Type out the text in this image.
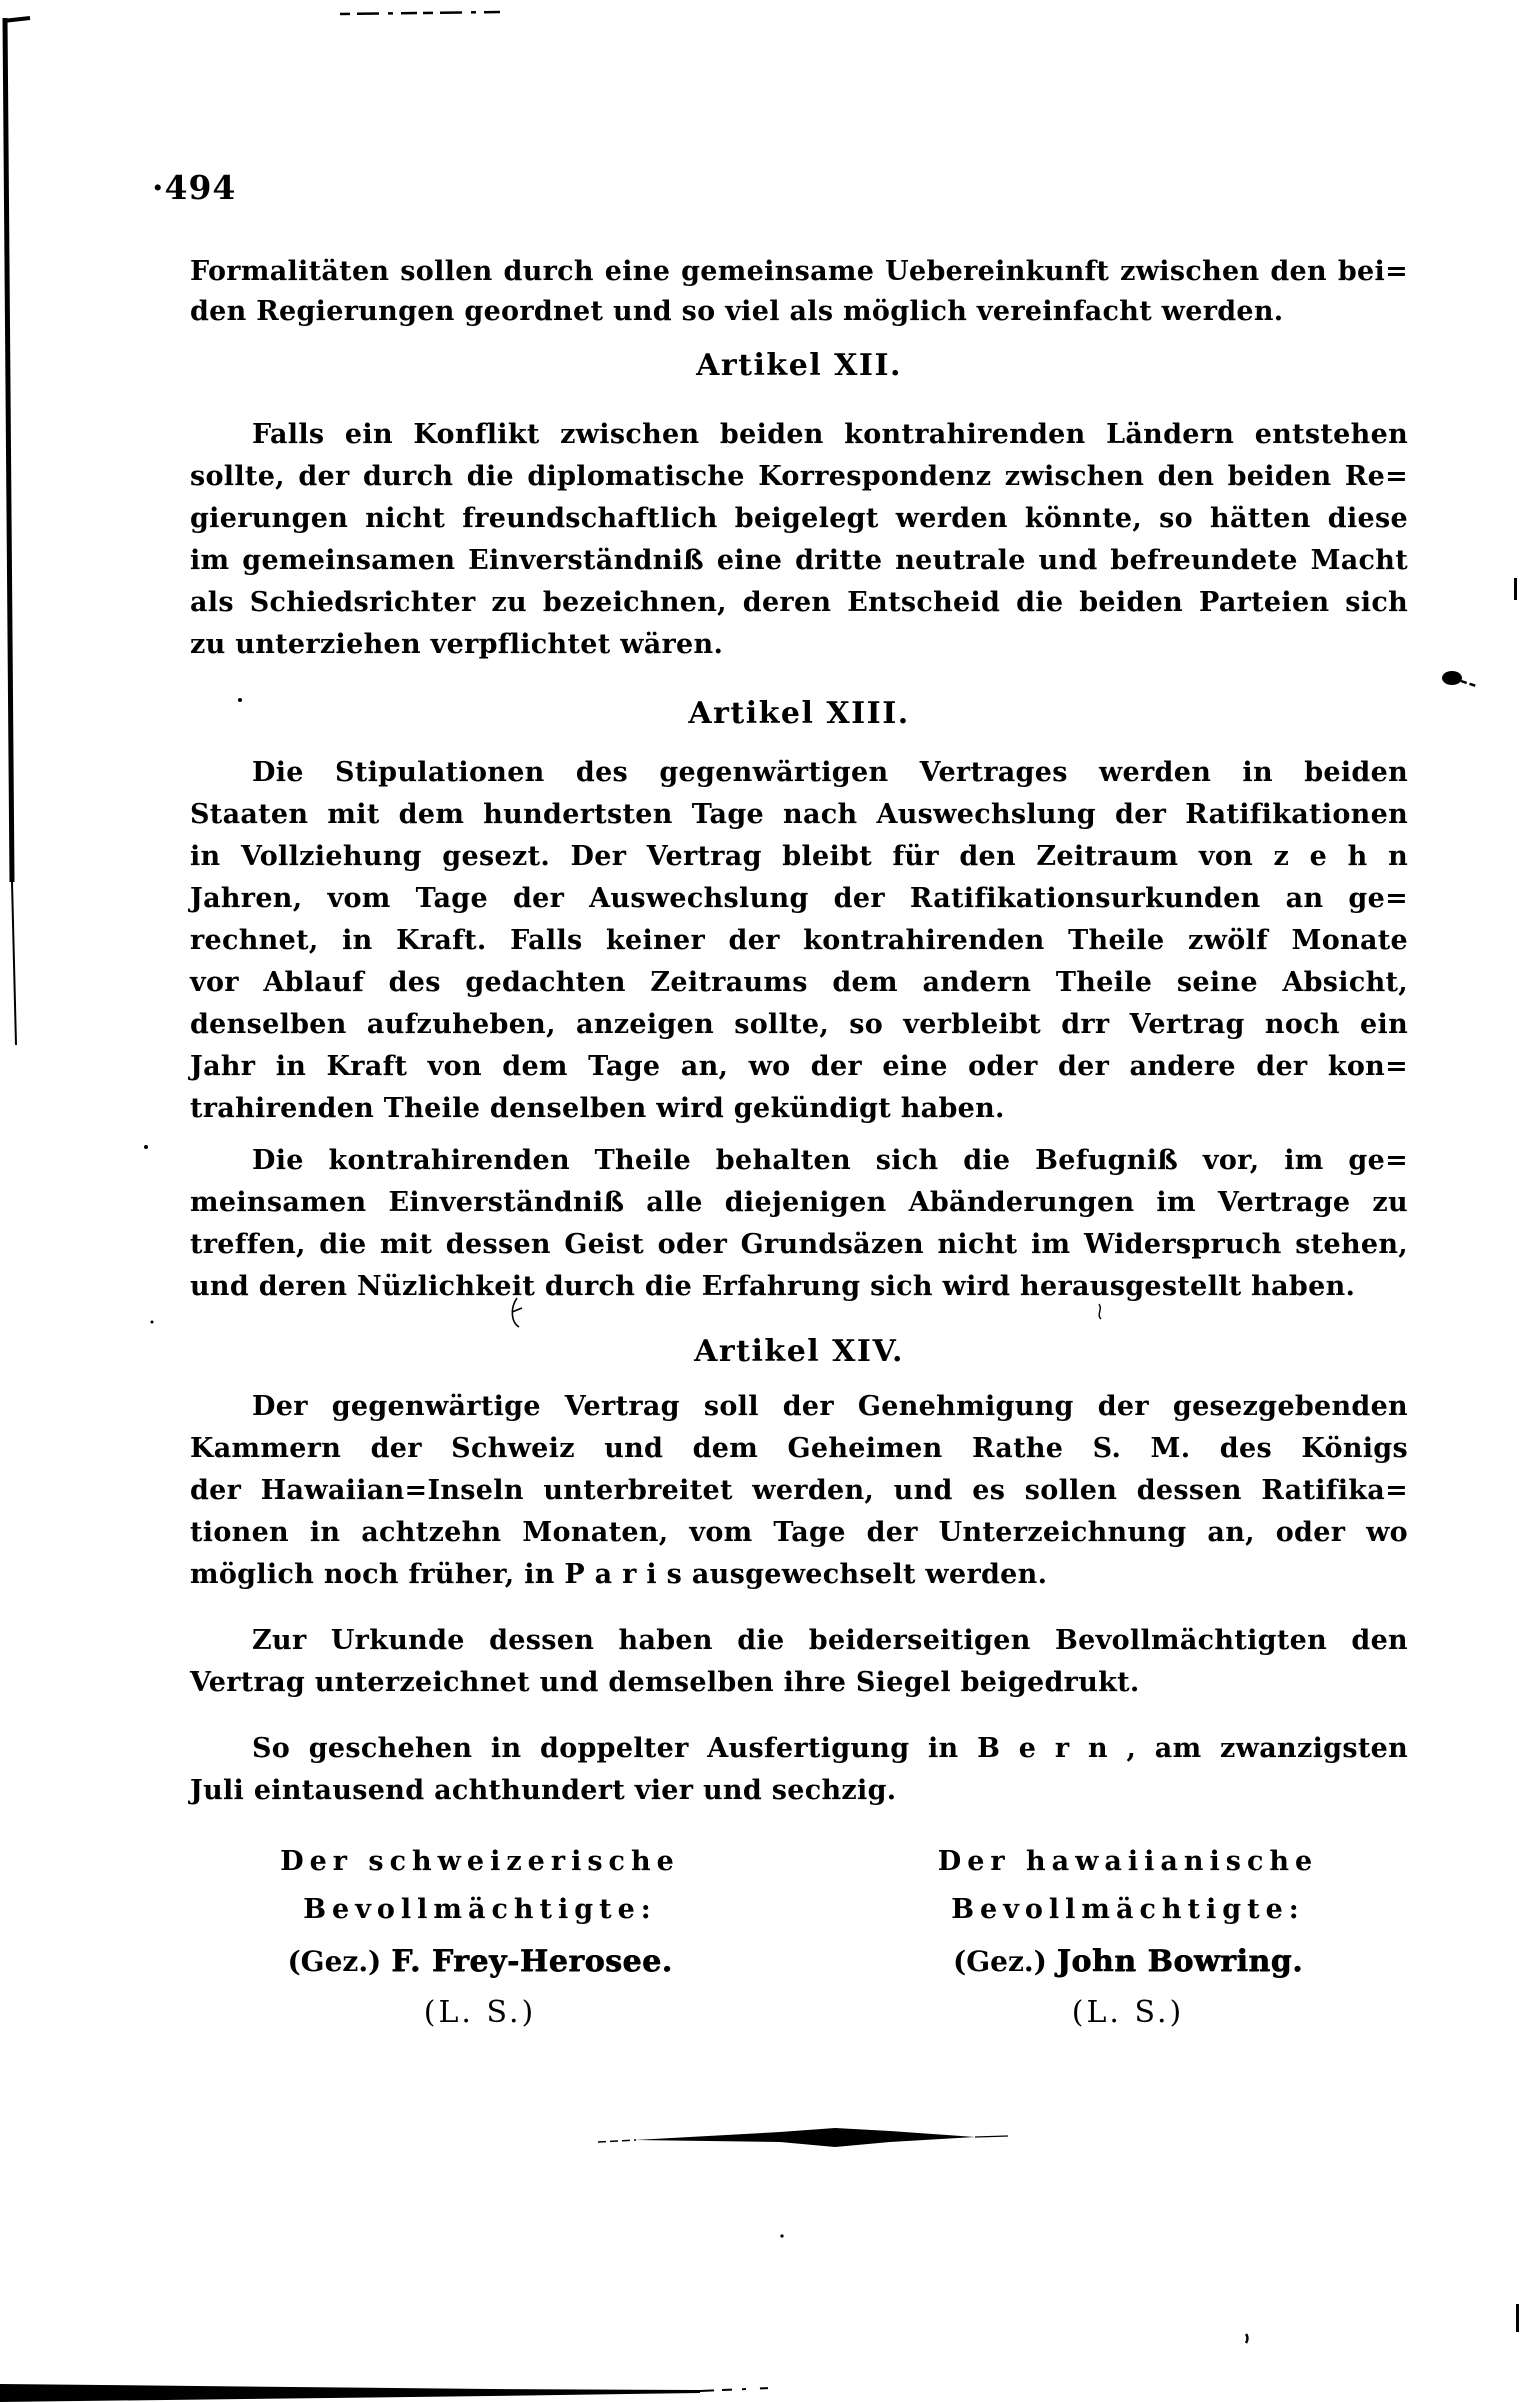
·494
Formalitäten sollen durch eine gemeinsame Uebereinkunft zwischen den bei=
den Regierungen geordnet und so viel als möglich vereinfacht werden.
Artikel XII.
Falls ein Konflikt zwischen beiden kontrahirenden Ländern entstehen
sollte, der durch die diplomatische Korrespondenz zwischen den beiden Re=
gierungen nicht freundschaftlich beigelegt werden könnte, so hätten diese
im gemeinsamen Einverständniß eine dritte neutrale und befreundete Macht
als Schiedsrichter zu bezeichnen, deren Entscheid die beiden Parteien sich
zu unterziehen verpflichtet wären.
Artikel XIII.
Die Stipulationen des gegenwärtigen Vertrages werden in beiden
Staaten mit dem hundertsten Tage nach Auswechslung der Ratifikationen
in Vollziehung gesezt. Der Vertrag bleibt für den Zeitraum von z e h n
Jahren, vom Tage der Auswechslung der Ratifikationsurkunden an ge=
rechnet, in Kraft. Falls keiner der kontrahirenden Theile zwölf Monate
vor Ablauf des gedachten Zeitraums dem andern Theile seine Absicht,
denselben aufzuheben, anzeigen sollte, so verbleibt drr Vertrag noch ein
Jahr in Kraft von dem Tage an, wo der eine oder der andere der kon=
trahirenden Theile denselben wird gekündigt haben.
Die kontrahirenden Theile behalten sich die Befugniß vor, im ge=
meinsamen Einverständniß alle diejenigen Abänderungen im Vertrage zu
treffen, die mit dessen Geist oder Grundsäzen nicht im Widerspruch stehen,
und deren Nüzlichkeit durch die Erfahrung sich wird herausgestellt haben.
Artikel XIV.
Der gegenwärtige Vertrag soll der Genehmigung der gesezgebenden
Kammern der Schweiz und dem Geheimen Rathe S. M. des Königs
der Hawaiian=Inseln unterbreitet werden, und es sollen dessen Ratifika=
tionen in achtzehn Monaten, vom Tage der Unterzeichnung an, oder wo
möglich noch früher, in P a r i s ausgewechselt werden.
Zur Urkunde dessen haben die beiderseitigen Bevollmächtigten den
Vertrag unterzeichnet und demselben ihre Siegel beigedrukt.
So geschehen in doppelter Ausfertigung in B e r n , am zwanzigsten
Juli eintausend achthundert vier und sechzig.
Der schweizerische
Bevollmächtigte:
(Gez.) F. Frey-Herosee.
(L. S.)
Der hawaiianische
Bevollmächtigte:
(Gez.) John Bowring.
(L. S.)
